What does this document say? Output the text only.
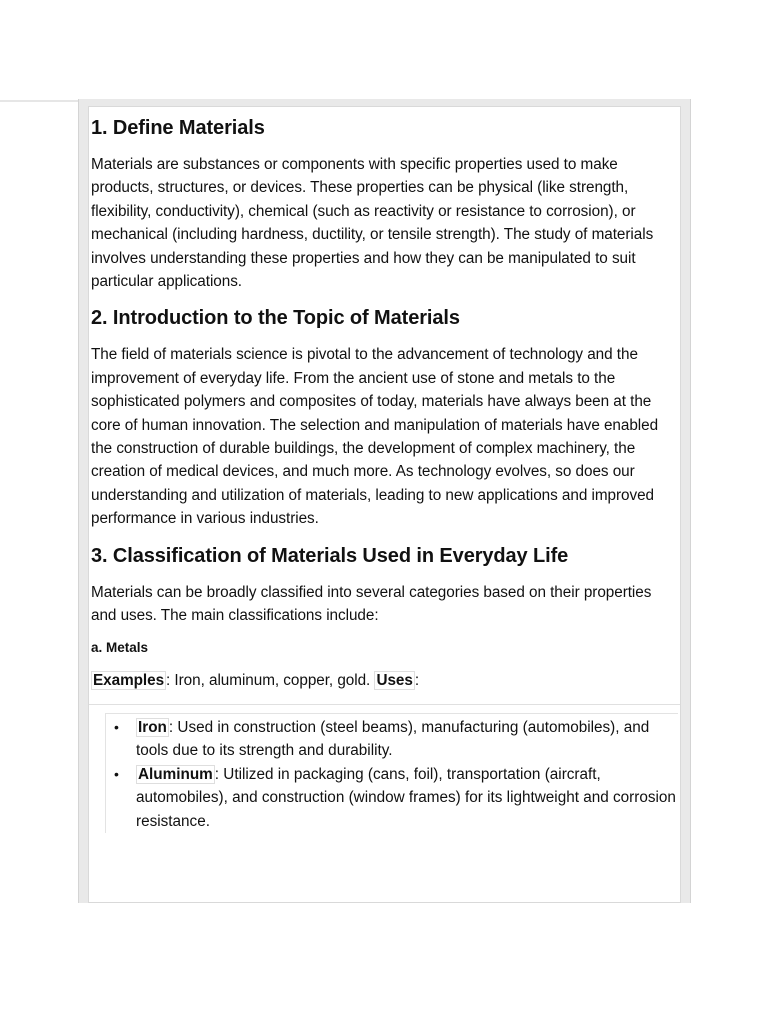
1. Define Materials

Materials are substances or components with specific properties used to make products, structures, or devices. These properties can be physical (like strength, flexibility, conductivity), chemical (such as reactivity or resistance to corrosion), or mechanical (including hardness, ductility, or tensile strength). The study of materials involves understanding these properties and how they can be manipulated to suit particular applications.

2. Introduction to the Topic of Materials

The field of materials science is pivotal to the advancement of technology and the improvement of everyday life. From the ancient use of stone and metals to the sophisticated polymers and composites of today, materials have always been at the core of human innovation. The selection and manipulation of materials have enabled the construction of durable buildings, the development of complex machinery, the creation of medical devices, and much more. As technology evolves, so does our understanding and utilization of materials, leading to new applications and improved performance in various industries.

3. Classification of Materials Used in Everyday Life

Materials can be broadly classified into several categories based on their properties and uses. The main classifications include:

a. Metals

Examples : Iron, aluminum, copper, gold. Uses :

• Iron : Used in construction (steel beams), manufacturing (automobiles), and tools due to its strength and durability.
• Aluminum : Utilized in packaging (cans, foil), transportation (aircraft, automobiles), and construction (window frames) for its lightweight and corrosion resistance.
